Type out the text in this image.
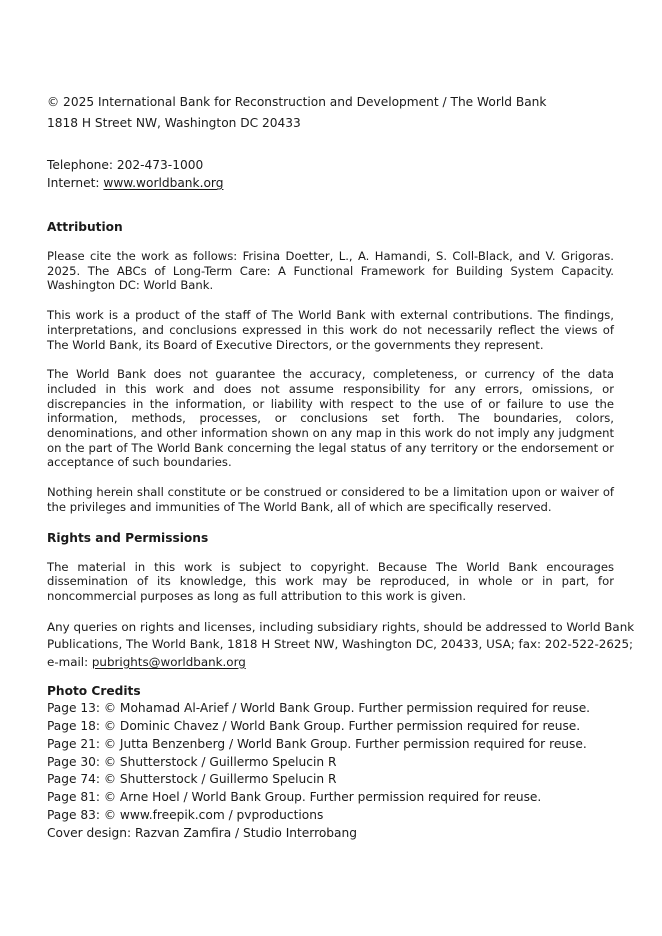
© 2025 International Bank for Reconstruction and Development / The World Bank
1818 H Street NW, Washington DC 20433
Telephone: 202-473-1000
Internet: www.worldbank.org
Attribution
Please cite the work as follows: Frisina Doetter, L., A. Hamandi, S. Coll-Black, and V. Grigoras. 2025. The ABCs of Long-Term Care: A Functional Framework for Building System Capacity. Washington DC: World Bank.
This work is a product of the staff of The World Bank with external contributions. The findings, interpretations, and conclusions expressed in this work do not necessarily reflect the views of The World Bank, its Board of Executive Directors, or the governments they represent.
The World Bank does not guarantee the accuracy, completeness, or currency of the data included in this work and does not assume responsibility for any errors, omissions, or discrepancies in the information, or liability with respect to the use of or failure to use the information, methods, processes, or conclusions set forth. The boundaries, colors, denominations, and other information shown on any map in this work do not imply any judgment on the part of The World Bank concerning the legal status of any territory or the endorsement or acceptance of such boundaries.
Nothing herein shall constitute or be construed or considered to be a limitation upon or waiver of the privileges and immunities of The World Bank, all of which are specifically reserved.
Rights and Permissions
The material in this work is subject to copyright. Because The World Bank encourages dissemination of its knowledge, this work may be reproduced, in whole or in part, for noncommercial purposes as long as full attribution to this work is given.
Any queries on rights and licenses, including subsidiary rights, should be addressed to World Bank
Publications, The World Bank, 1818 H Street NW, Washington DC, 20433, USA; fax: 202-522-2625;
e-mail: pubrights@worldbank.org
Photo Credits
Page 13: © Mohamad Al-Arief / World Bank Group. Further permission required for reuse.
Page 18: © Dominic Chavez / World Bank Group. Further permission required for reuse.
Page 21: © Jutta Benzenberg / World Bank Group. Further permission required for reuse.
Page 30: © Shutterstock / Guillermo Spelucin R
Page 74: © Shutterstock / Guillermo Spelucin R
Page 81: © Arne Hoel / World Bank Group. Further permission required for reuse.
Page 83: © www.freepik.com / pvproductions
Cover design: Razvan Zamfira / Studio Interrobang
